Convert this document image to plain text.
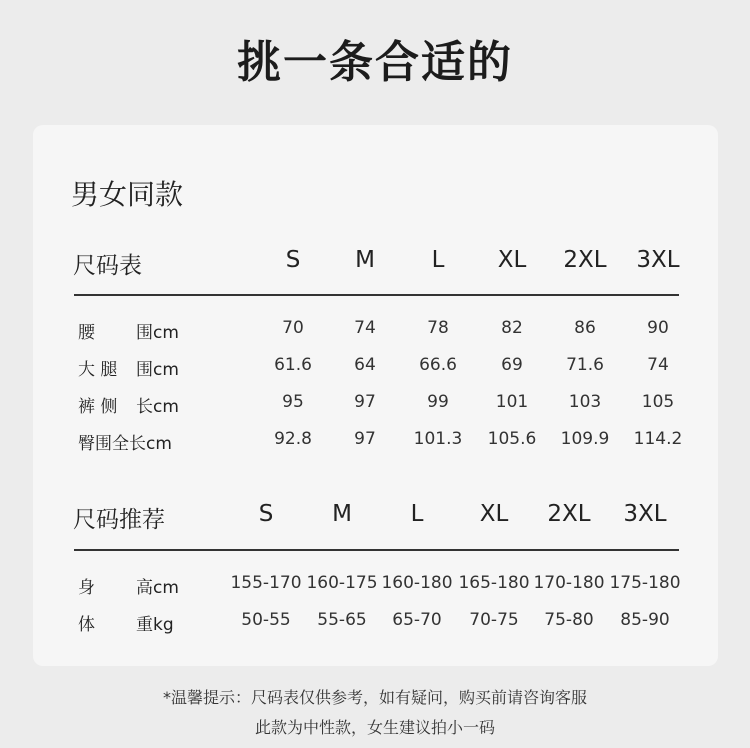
挑一条合适的
男女同款
尺码表	S	M	L	XL	2XL	3XL
腰	围cm	70	74	78	82	86	90
大 腿	围cm	61.6	64	66.6	69	71.6	74
裤 侧	长cm	95	97	99	101	103	105
臀围全长cm	92.8	97	101.3	105.6	109.9	114.2
尺码推荐	S	M	L	XL	2XL	3XL
身	高cm	155-170 160-175 160-180 165-180 170-180 175-180
体	重kg	50-55	55-65	65-70	70-75	75-80	85-90
*温馨提示：尺码表仅供参考，如有疑问，购买前请咨询客服
此款为中性款，女生建议拍小一码
